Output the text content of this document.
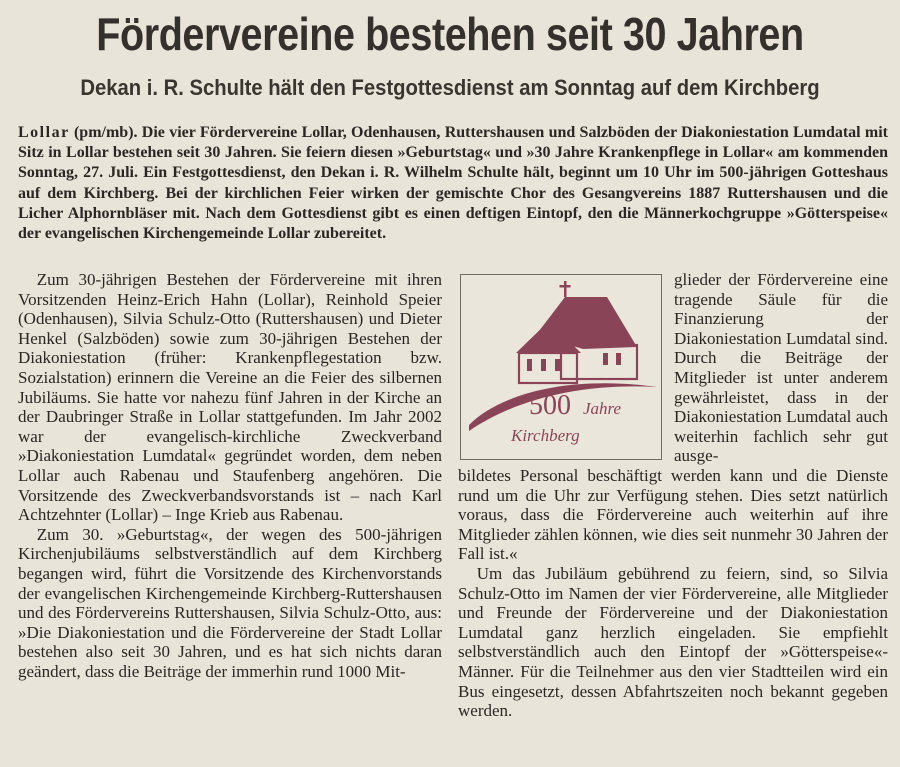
Fördervereine bestehen seit 30 Jahren
Dekan i. R. Schulte hält den Festgottesdienst am Sonntag auf dem Kirchberg
Lollar (pm/mb). Die vier Fördervereine Lollar, Odenhausen, Ruttershausen und Salzböden der Diakoniestation Lumdatal mit Sitz in Lollar bestehen seit 30 Jahren. Sie feiern diesen »Geburtstag« und »30 Jahre Krankenpflege in Lollar« am kommenden Sonntag, 27. Juli. Ein Festgottesdienst, den Dekan i. R. Wilhelm Schulte hält, beginnt um 10 Uhr im 500-jährigen Gotteshaus auf dem Kirchberg. Bei der kirchlichen Feier wirken der gemischte Chor des Gesangvereins 1887 Ruttershausen und die Licher Alphornbläser mit. Nach dem Gottesdienst gibt es einen deftigen Eintopf, den die Männerkochgruppe »Götterspeise« der evangelischen Kirchengemeinde Lollar zubereitet.

Zum 30-jährigen Bestehen der Fördervereine mit ihren Vorsitzenden Heinz-Erich Hahn (Lollar), Reinhold Speier (Odenhausen), Silvia Schulz-Otto (Ruttershausen) und Dieter Henkel (Salzböden) sowie zum 30-jährigen Bestehen der Diakoniestation (früher: Krankenpflegestation bzw. Sozialstation) erinnern die Vereine an die Feier des silbernen Jubiläums. Sie hatte vor nahezu fünf Jahren in der Kirche an der Daubringer Straße in Lollar stattgefunden. Im Jahr 2002 war der evangelisch-kirchliche Zweckverband »Diakoniestation Lumdatal« gegründet worden, dem neben Lollar auch Rabenau und Staufenberg angehören. Die Vorsitzende des Zweckverbandsvorstands ist – nach Karl Achtzehnter (Lollar) – Inge Krieb aus Rabenau.

Zum 30. »Geburtstag«, der wegen des 500-jährigen Kirchenjubiläums selbstverständlich auf dem Kirchberg begangen wird, führt die Vorsitzende des Kirchenvorstands der evangelischen Kirchengemeinde Kirchberg-Ruttershausen und des Fördervereins Ruttershausen, Silvia Schulz-Otto, aus: »Die Diakoniestation und die Fördervereine der Stadt Lollar bestehen also seit 30 Jahren, und es hat sich nichts daran geändert, dass die Beiträge der immerhin rund 1000 Mit-

500 Jahre
Kirchberg

glieder der Fördervereine eine tragende Säule für die Finanzierung der Diakoniestation Lumdatal sind. Durch die Beiträge der Mitglieder ist unter anderem gewährleistet, dass in der Diakoniestation Lumdatal auch weiterhin fachlich sehr gut ausge-

bildetes Personal beschäftigt werden kann und die Dienste rund um die Uhr zur Verfügung stehen. Dies setzt natürlich voraus, dass die Fördervereine auch weiterhin auf ihre Mitglieder zählen können, wie dies seit nunmehr 30 Jahren der Fall ist.«

Um das Jubiläum gebührend zu feiern, sind, so Silvia Schulz-Otto im Namen der vier Fördervereine, alle Mitglieder und Freunde der Fördervereine und der Diakoniestation Lumdatal ganz herzlich eingeladen. Sie empfiehlt selbstverständlich auch den Eintopf der »Götterspeise«-Männer. Für die Teilnehmer aus den vier Stadtteilen wird ein Bus eingesetzt, dessen Abfahrtszeiten noch bekannt gegeben werden.
